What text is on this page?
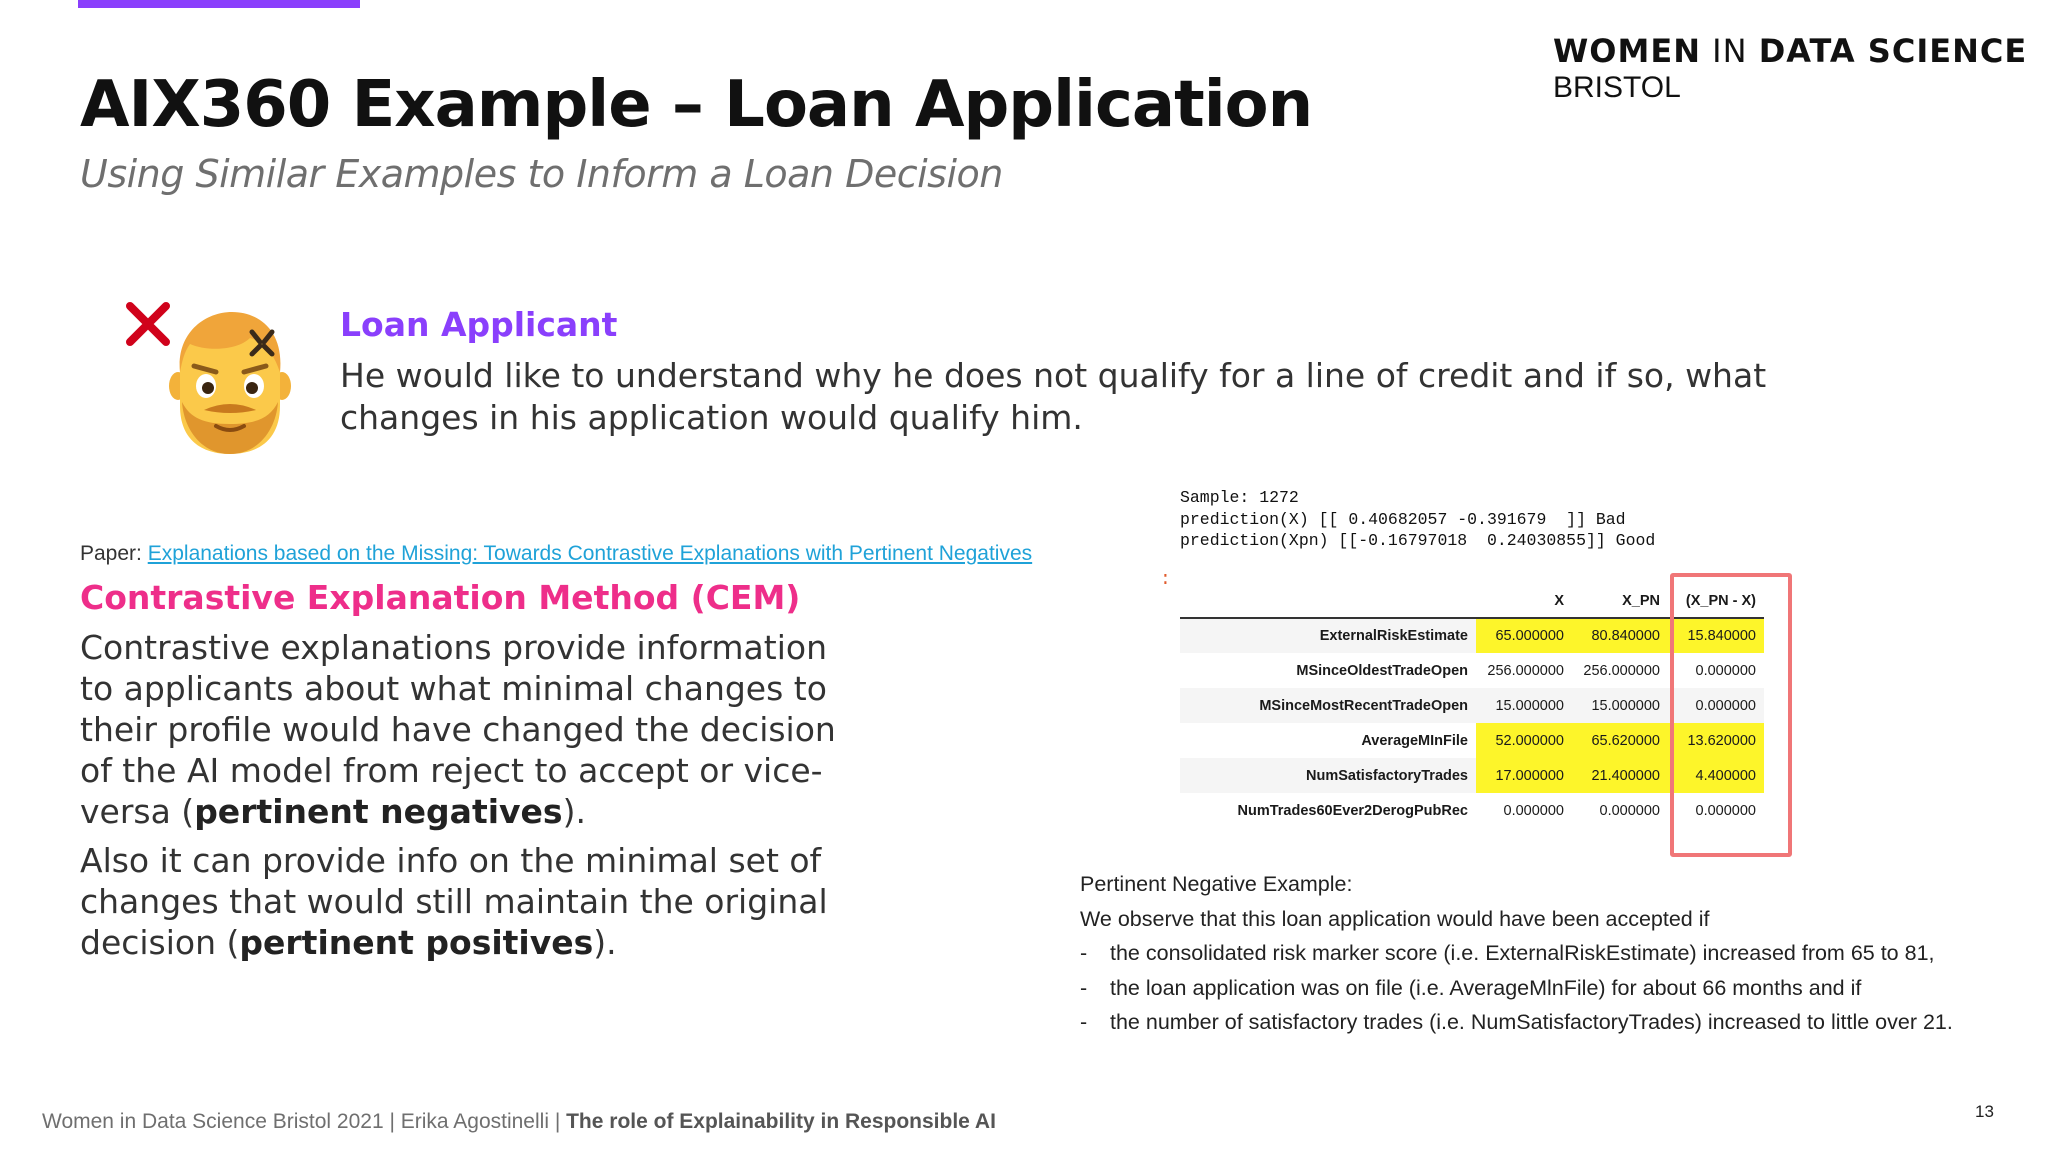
WOMEN IN DATA SCIENCE
BRISTOL
AIX360 Example – Loan Application
Using Similar Examples to Inform a Loan Decision
Loan Applicant
He would like to understand why he does not qualify for a line of credit and if so, what changes in his application would qualify him.
Paper: Explanations based on the Missing: Towards Contrastive Explanations with Pertinent Negatives
Contrastive Explanation Method (CEM)

Contrastive explanations provide information to applicants about what minimal changes to their profile would have changed the decision of the AI model from reject to accept or vice-versa (pertinent negatives).

Also it can provide info on the minimal set of changes that would still maintain the original decision (pertinent positives).

Sample: 1272
prediction(X) [[ 0.40682057 -0.391679  ]] Bad
prediction(Xpn) [[-0.16797018  0.24030855]] Good
:
	X	X_PN	(X_PN - X)
ExternalRiskEstimate	65.000000	80.840000	15.840000
MSinceOldestTradeOpen	256.000000	256.000000	0.000000
MSinceMostRecentTradeOpen	15.000000	15.000000	0.000000
AverageMInFile	52.000000	65.620000	13.620000
NumSatisfactoryTrades	17.000000	21.400000	4.400000
NumTrades60Ever2DerogPubRec	0.000000	0.000000	0.000000
Pertinent Negative Example:
We observe that this loan application would have been accepted if
- the consolidated risk marker score (i.e. ExternalRiskEstimate) increased from 65 to 81,
- the loan application was on file (i.e. AverageMlnFile) for about 66 months and if
- the number of satisfactory trades (i.e. NumSatisfactoryTrades) increased to little over 21.
Women in Data Science Bristol 2021 | Erika Agostinelli | The role of Explainability in Responsible AI	13
